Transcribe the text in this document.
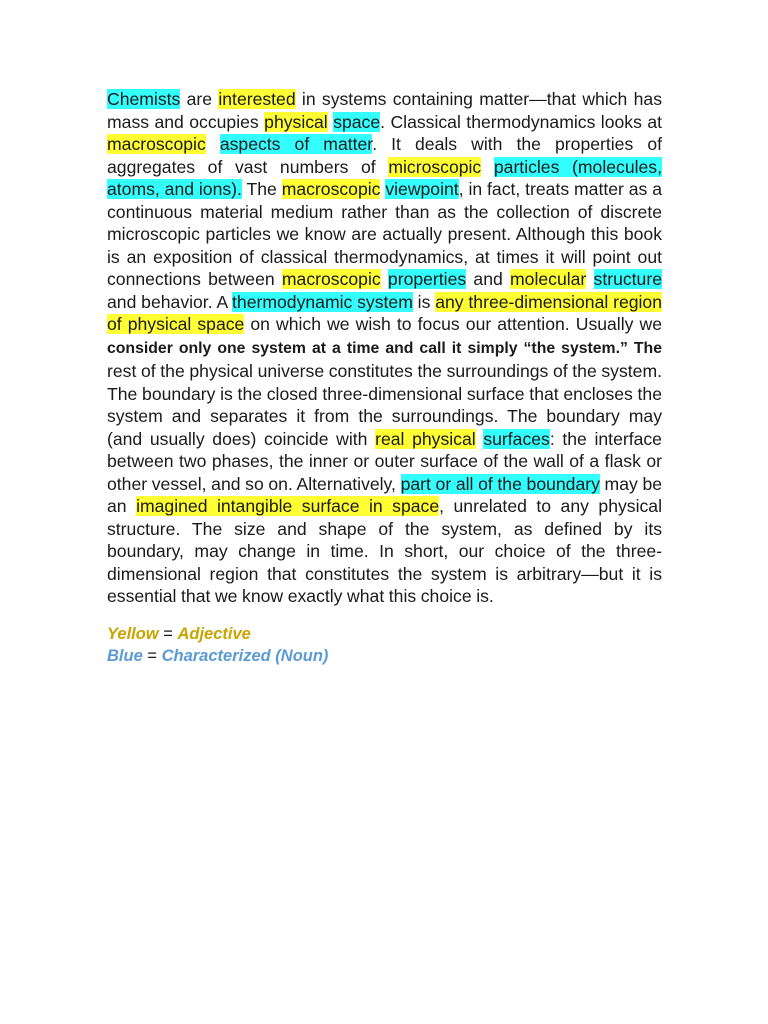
Chemists are interested in systems containing matter—that which has mass and occupies physical space. Classical thermodynamics looks at macroscopic aspects of matter. It deals with the properties of aggregates of vast numbers of microscopic particles (molecules, atoms, and ions). The macroscopic viewpoint, in fact, treats matter as a continuous material medium rather than as the collection of discrete microscopic particles we know are actually present. Although this book is an exposition of classical thermodynamics, at times it will point out connections between macroscopic properties and molecular structure and behavior. A thermodynamic system is any three-dimensional region of physical space on which we wish to focus our attention. Usually we consider only one system at a time and call it simply “the system.” The rest of the physical universe constitutes the surroundings of the system. The boundary is the closed three-dimensional surface that encloses the system and separates it from the surroundings. The boundary may (and usually does) coincide with real physical surfaces: the interface between two phases, the inner or outer surface of the wall of a flask or other vessel, and so on. Alternatively, part or all of the boundary may be an imagined intangible surface in space, unrelated to any physical structure. The size and shape of the system, as defined by its boundary, may change in time. In short, our choice of the three-dimensional region that constitutes the system is arbitrary—but it is essential that we know exactly what this choice is.

Yellow = Adjective
Blue = Characterized (Noun)
